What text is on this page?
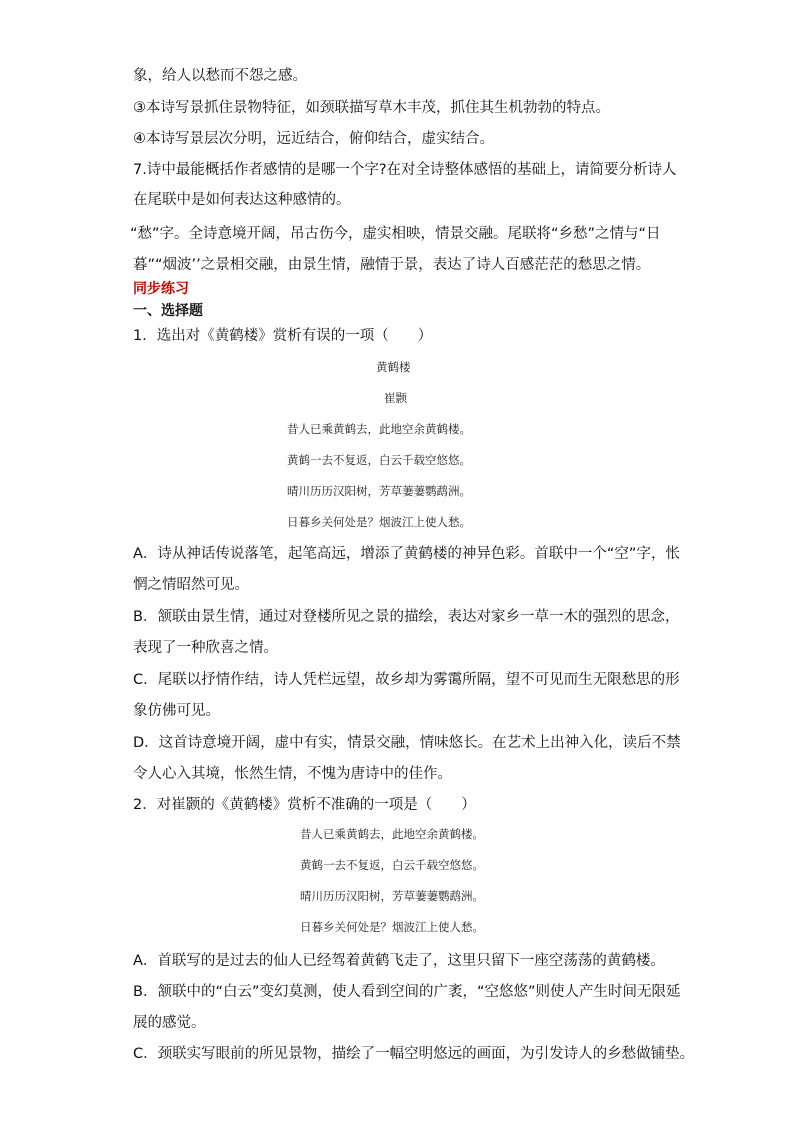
象，给人以愁而不怨之感。
③本诗写景抓住景物特征，如颈联描写草木丰茂，抓住其生机勃勃的特点。
④本诗写景层次分明，远近结合，俯仰结合，虚实结合。
7.诗中最能概括作者感情的是哪一个字?在对全诗整体感悟的基础上，请简要分析诗人
在尾联中是如何表达这种感情的。
“愁”字。全诗意境开阔，吊古伤今，虚实相映，情景交融。尾联将“乡愁”之情与“日
暮”“烟波’’之景相交融，由景生情，融情于景，表达了诗人百感茫茫的愁思之情。
同步练习
一、选择题
1．选出对《黄鹤楼》赏析有误的一项（　　）
黄鹤楼
崔颢
昔人已乘黄鹤去，此地空余黄鹤楼。
黄鹤一去不复返，白云千载空悠悠。
晴川历历汉阳树，芳草萋萋鹦鹉洲。
日暮乡关何处是？烟波江上使人愁。
A．诗从神话传说落笔，起笔高远，增添了黄鹤楼的神异色彩。首联中一个“空”字，怅
惘之情昭然可见。
B．颔联由景生情，通过对登楼所见之景的描绘，表达对家乡一草一木的强烈的思念，
表现了一种欣喜之情。
C．尾联以抒情作结，诗人凭栏远望，故乡却为雾霭所隔，望不可见而生无限愁思的形
象仿佛可见。
D．这首诗意境开阔，虚中有实，情景交融，情味悠长。在艺术上出神入化，读后不禁
令人心入其境，怅然生情，不愧为唐诗中的佳作。
2．对崔颢的《黄鹤楼》赏析不准确的一项是（　　）
昔人已乘黄鹤去，此地空余黄鹤楼。
黄鹤一去不复返，白云千载空悠悠。
晴川历历汉阳树，芳草萋萋鹦鹉洲。
日暮乡关何处是？烟波江上使人愁。
A．首联写的是过去的仙人已经驾着黄鹤飞走了，这里只留下一座空荡荡的黄鹤楼。
B．颔联中的“白云”变幻莫测，使人看到空间的广袤，“空悠悠”则使人产生时间无限延
展的感觉。
C．颈联实写眼前的所见景物，描绘了一幅空明悠远的画面，为引发诗人的乡愁做铺垫。
